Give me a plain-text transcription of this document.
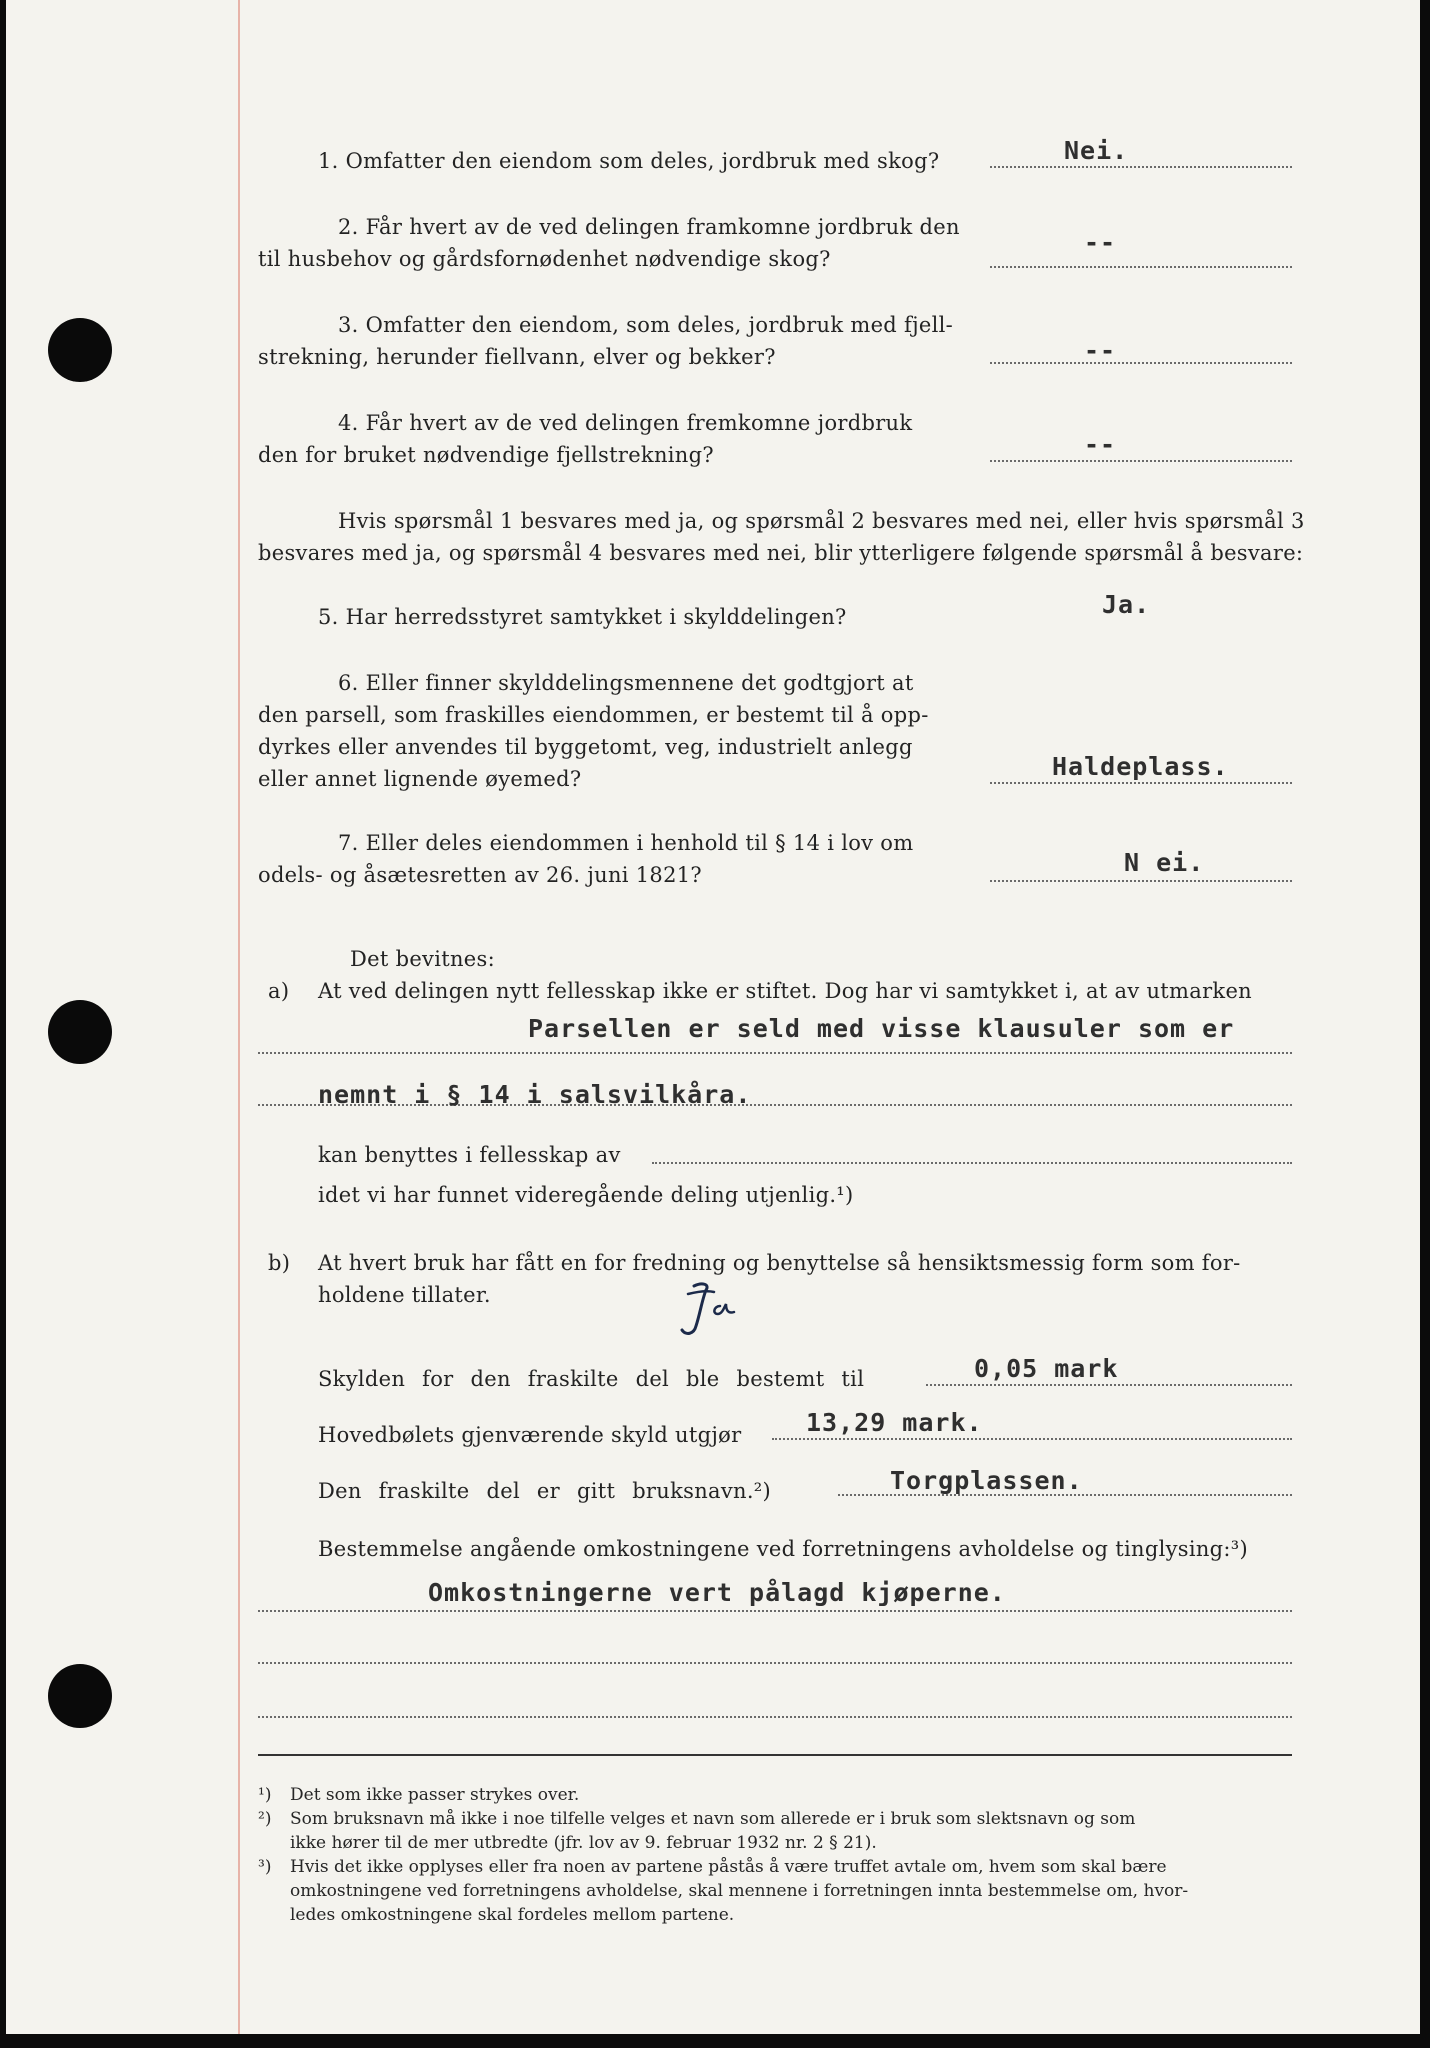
1. Omfatter den eiendom som deles, jordbruk med skog?	Nei.
2. Får hvert av de ved delingen framkomne jordbruk den
til husbehov og gårdsfornødenhet nødvendige skog?
--
3. Omfatter den eiendom, som deles, jordbruk med fjell-
strekning, herunder fiellvann, elver og bekker?	--
4. Får hvert av de ved delingen fremkomne jordbruk
den for bruket nødvendige fjellstrekning?	--
Hvis spørsmål 1 besvares med ja, og spørsmål 2 besvares med nei, eller hvis spørsmål 3
besvares med ja, og spørsmål 4 besvares med nei, blir ytterligere følgende spørsmål å besvare:
5. Har herredsstyret samtykket i skylddelingen?	Ja.
6. Eller finner skylddelingsmennene det godtgjort at
den parsell, som fraskilles eiendommen, er bestemt til å opp-
dyrkes eller anvendes til byggetomt, veg, industrielt anlegg
eller annet lignende øyemed?	Haldeplass.
7. Eller deles eiendommen i henhold til § 14 i lov om
odels- og åsætesretten av 26. juni 1821?	N ei.
Det bevitnes:
a) At ved delingen nytt fellesskap ikke er stiftet. Dog har vi samtykket i, at av utmarken
Parsellen er seld med visse klausuler som er
nemnt i § 14 i salsvilkåra.
kan benyttes i fellesskap av
idet vi har funnet videregående deling utjenlig.¹)
b) At hvert bruk har fått en for fredning og benyttelse så hensiktsmessig form som for-
holdene tillater.
Skylden for den fraskilte del ble bestemt til	0,05 mark
Hovedbølets gjenværende skyld utgjør	13,29 mark.
Den fraskilte del er gitt bruksnavn.²)	Torgplassen.
Bestemmelse angående omkostningene ved forretningens avholdelse og tinglysing:³)
Omkostningerne vert pålagd kjøperne.
¹) Det som ikke passer strykes over.
²) Som bruksnavn må ikke i noe tilfelle velges et navn som allerede er i bruk som slektsnavn og som
ikke hører til de mer utbredte (jfr. lov av 9. februar 1932 nr. 2 § 21).
³) Hvis det ikke opplyses eller fra noen av partene påstås å være truffet avtale om, hvem som skal bære
omkostningene ved forretningens avholdelse, skal mennene i forretningen innta bestemmelse om, hvor-
ledes omkostningene skal fordeles mellom partene.
